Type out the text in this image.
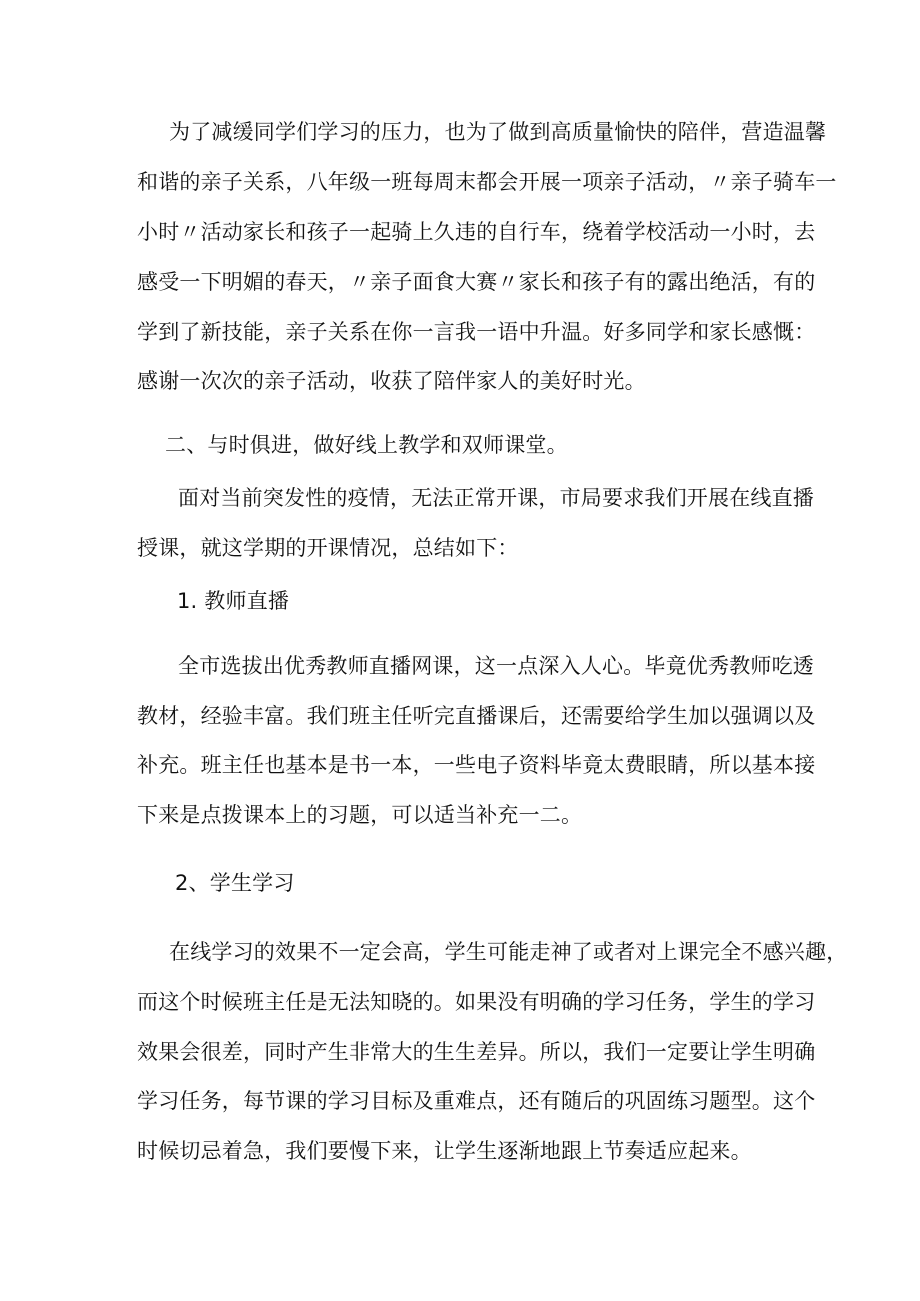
为了减缓同学们学习的压力，也为了做到高质量愉快的陪伴，营造温馨
和谐的亲子关系，八年级一班每周末都会开展一项亲子活动，〃亲子骑车一
小时〃活动家长和孩子一起骑上久违的自行车，绕着学校活动一小时，去
感受一下明媚的春天，〃亲子面食大赛〃家长和孩子有的露出绝活，有的
学到了新技能，亲子关系在你一言我一语中升温。好多同学和家长感慨：
感谢一次次的亲子活动，收获了陪伴家人的美好时光。
二、与时俱进，做好线上教学和双师课堂。
面对当前突发性的疫情，无法正常开课，市局要求我们开展在线直播
授课，就这学期的开课情况，总结如下：
1. 教师直播
全市选拔出优秀教师直播网课，这一点深入人心。毕竟优秀教师吃透
教材，经验丰富。我们班主任听完直播课后，还需要给学生加以强调以及
补充。班主任也基本是书一本，一些电子资料毕竟太费眼睛，所以基本接
下来是点拨课本上的习题，可以适当补充一二。
2、学生学习
在线学习的效果不一定会高，学生可能走神了或者对上课完全不感兴趣，
而这个时候班主任是无法知晓的。如果没有明确的学习任务，学生的学习
效果会很差，同时产生非常大的生生差异。所以，我们一定要让学生明确
学习任务，每节课的学习目标及重难点，还有随后的巩固练习题型。这个
时候切忌着急，我们要慢下来，让学生逐渐地跟上节奏适应起来。
